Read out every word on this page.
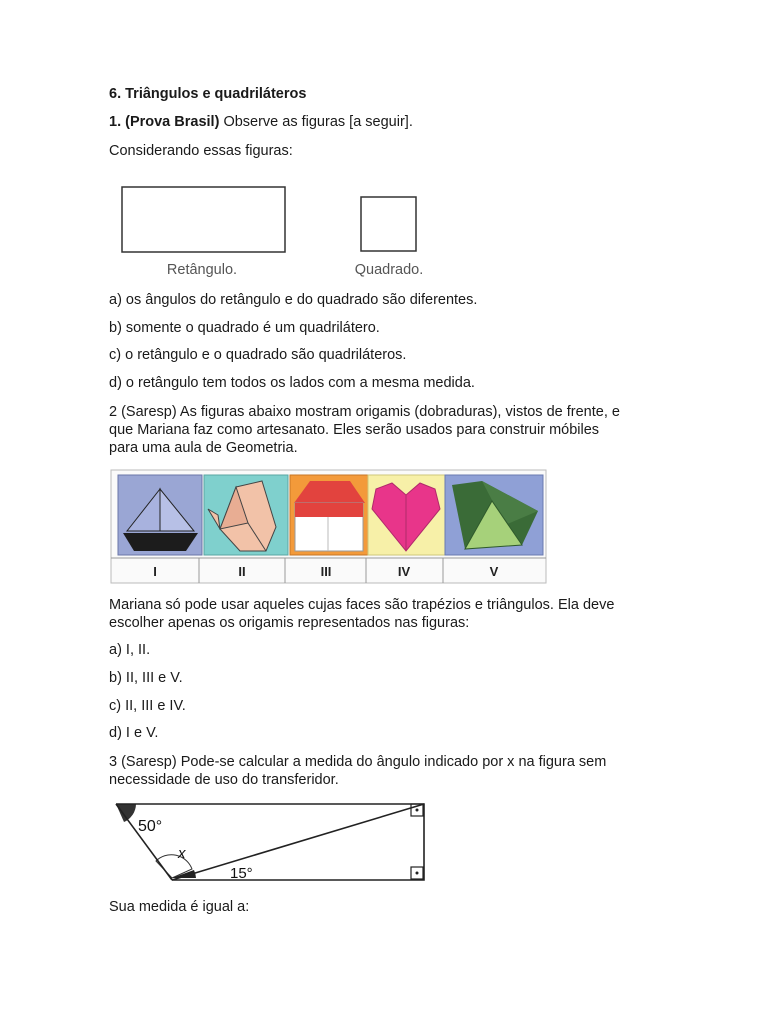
6. Triângulos e quadriláteros
1. (Prova Brasil) Observe as figuras [a seguir].
Considerando essas figuras:
Retângulo.	Quadrado.
a) os ângulos do retângulo e do quadrado são diferentes.
b) somente o quadrado é um quadrilátero.
c) o retângulo e o quadrado são quadriláteros.
d) o retângulo tem todos os lados com a mesma medida.
2 (Saresp) As figuras abaixo mostram origamis (dobraduras), vistos de frente, e
que Mariana faz como artesanato. Eles serão usados para construir móbiles
para uma aula de Geometria.
I	II	III	IV	V
Mariana só pode usar aqueles cujas faces são trapézios e triângulos. Ela deve
escolher apenas os origamis representados nas figuras:
a) I, II.
b) II, III e V.
c) II, III e IV.
d) I e V.
3 (Saresp) Pode-se calcular a medida do ângulo indicado por x na figura sem
necessidade de uso do transferidor.
50°
x
15°
Sua medida é igual a:
